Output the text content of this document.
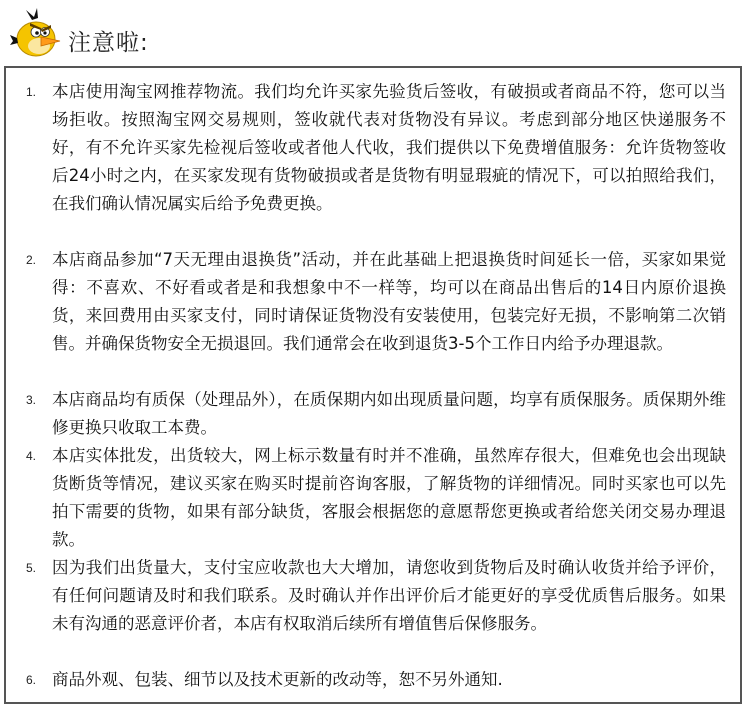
注意啦:
1. 本店使用淘宝网推荐物流。我们均允许买家先验货后签收，有破损或者商品不符，您可以当场拒收。按照淘宝网交易规则，签收就代表对货物没有异议。考虑到部分地区快递服务不好，有不允许买家先检视后签收或者他人代收，我们提供以下免费增值服务：允许货物签收后24小时之内，在买家发现有货物破损或者是货物有明显瑕疵的情况下，可以拍照给我们，在我们确认情况属实后给予免费更换。
2. 本店商品参加“7天无理由退换货”活动，并在此基础上把退换货时间延长一倍，买家如果觉得：不喜欢、不好看或者是和我想象中不一样等，均可以在商品出售后的14日内原价退换货，来回费用由买家支付，同时请保证货物没有安装使用，包装完好无损，不影响第二次销售。并确保货物安全无损退回。我们通常会在收到退货3-5个工作日内给予办理退款。
3. 本店商品均有质保（处理品外），在质保期内如出现质量问题，均享有质保服务。质保期外维修更换只收取工本费。
4. 本店实体批发，出货较大，网上标示数量有时并不准确，虽然库存很大，但难免也会出现缺货断货等情况，建议买家在购买时提前咨询客服，了解货物的详细情况。同时买家也可以先拍下需要的货物，如果有部分缺货，客服会根据您的意愿帮您更换或者给您关闭交易办理退款。
5. 因为我们出货量大，支付宝应收款也大大增加，请您收到货物后及时确认收货并给予评价，有任何问题请及时和我们联系。及时确认并作出评价后才能更好的享受优质售后服务。如果未有沟通的恶意评价者，本店有权取消后续所有增值售后保修服务。
6. 商品外观、包装、细节以及技术更新的改动等，恕不另外通知.
